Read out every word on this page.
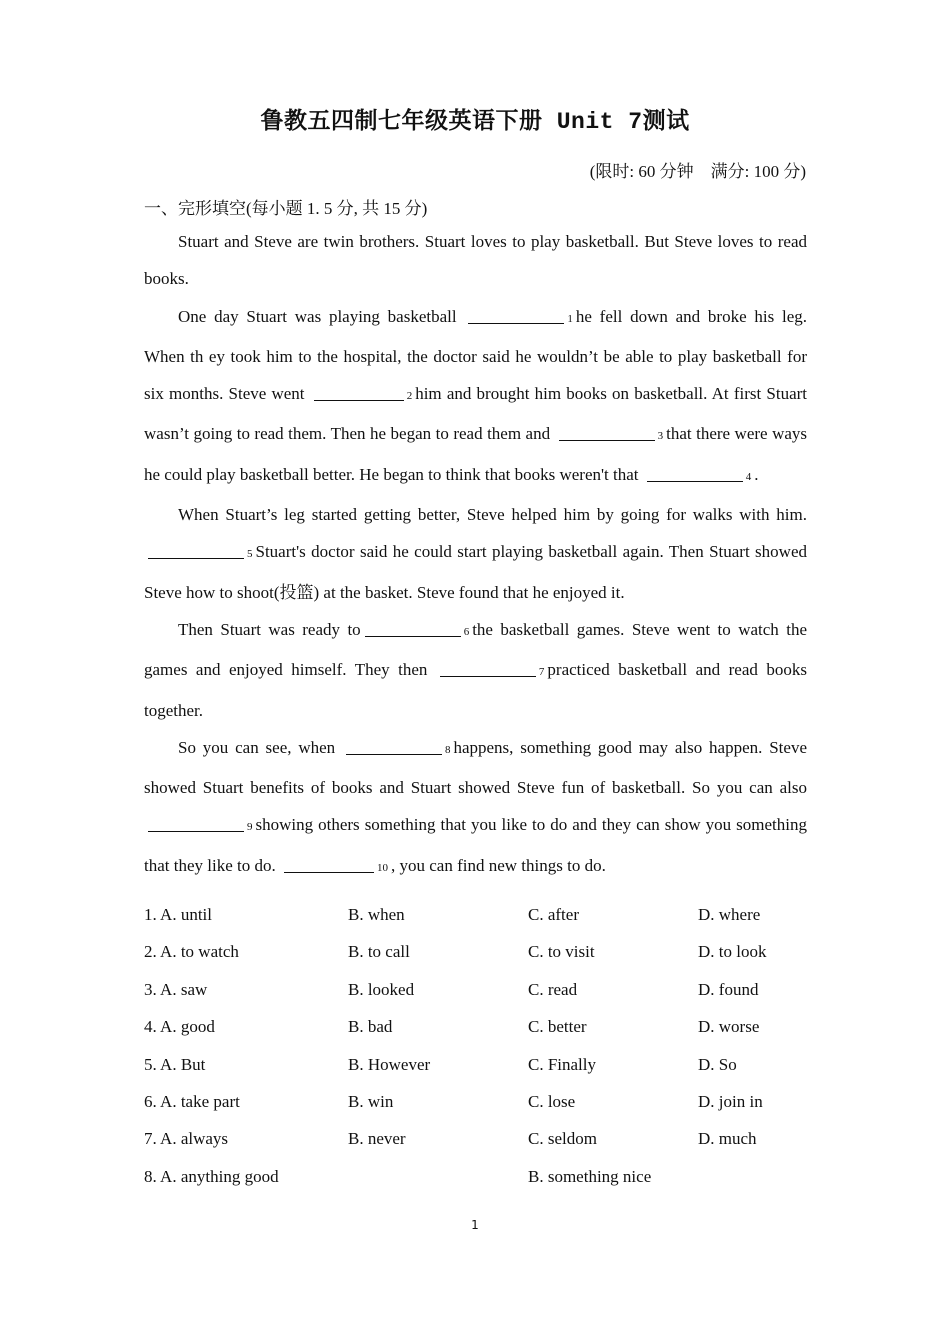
鲁教五四制七年级英语下册 Unit 7测试
(限时: 60 分钟　满分: 100 分)
一、完形填空(每小题 1. 5 分, 共 15 分)

Stuart and Steve are twin brothers. Stuart loves to play basketball. But Steve loves to read books.

One day Stuart was playing basketball	1 he fell down and broke his leg. When th ey took him to the hospital, the doctor said he wouldn’t be able to play basketball for six months. Steve went	2 him and brought him books on basketball. At first Stuart wasn’t going to read them. Then he began to read them and	3 that there were ways he could play basketball better. He began to think that books weren't that	4 .

When Stuart’s leg started getting better, Steve helped him by going for walks with him. 5 Stuart's doctor said he could start playing basketball again. Then Stuart showed Steve how to shoot(投篮) at the basket. Steve found that he enjoyed it.

Then Stuart was ready to	6 the basketball games. Steve went to watch the games and enjoyed himself. They then	7 practiced basketball and read books together.

So you can see, when	8 happens, something good may also happen. Steve showed Stuart benefits of books and Stuart showed Steve fun of basketball. So you can also 9 showing others something that you like to do and they can show you something that they like to do.	10 , you can find new things to do.

1. A. until	B. when	C. after	D. where
2. A. to watch	B. to call	C. to visit	D. to look
3. A. saw	B. looked	C. read	D. found
4. A. good	B. bad	C. better	D. worse
5. A. But	B. However	C. Finally	D. So
6. A. take part	B. win	C. lose	D. join in
7. A. always	B. never	C. seldom	D. much
8. A. anything good	B. something nice
1
